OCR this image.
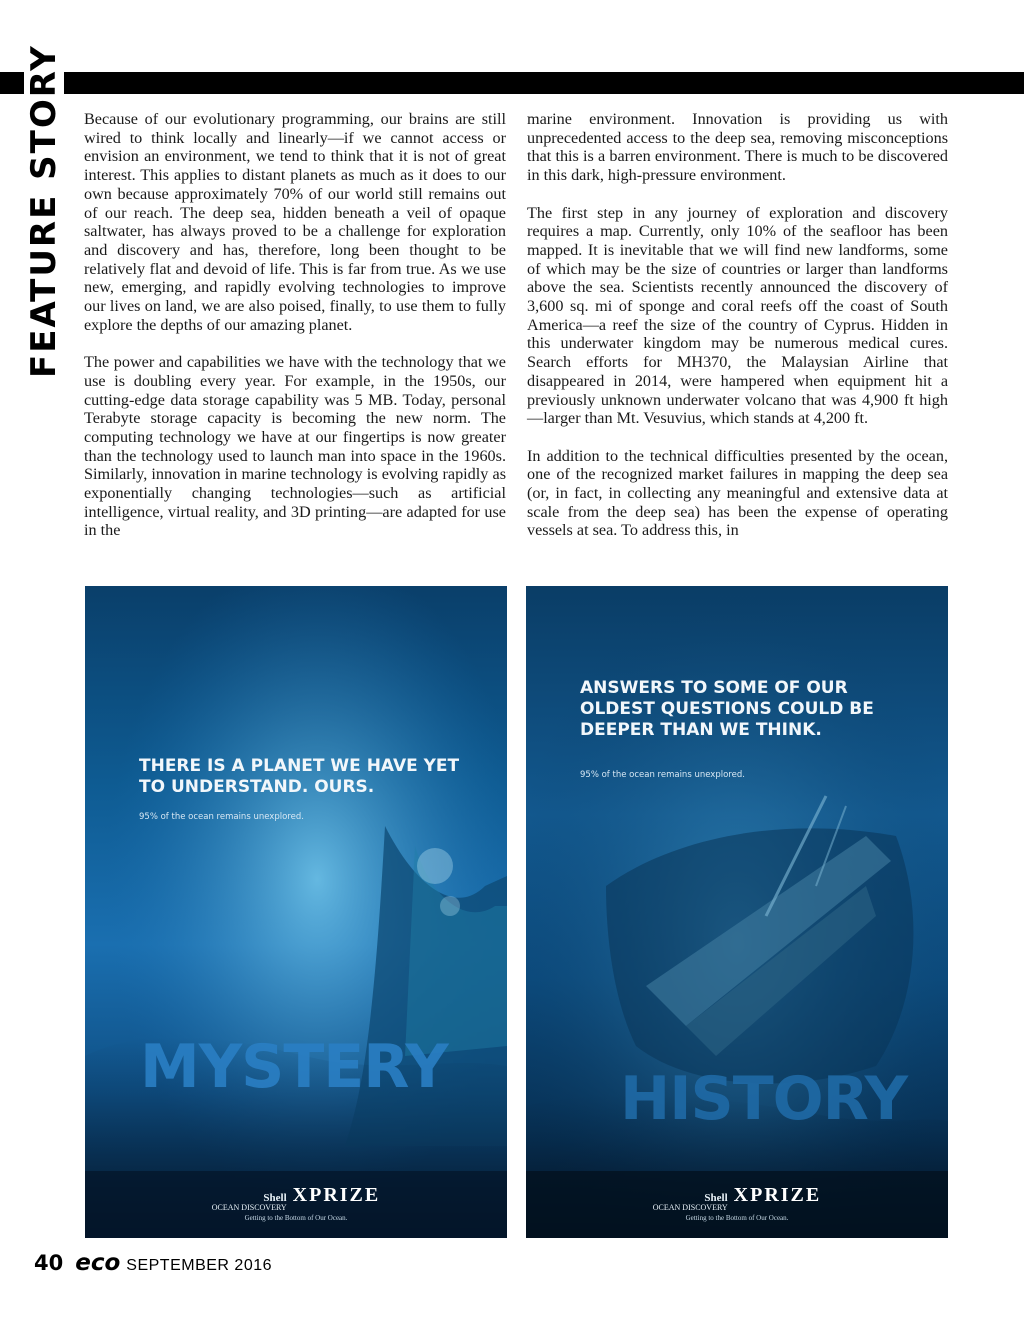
FEATURE STORY Because of our evolutionary programming, our brains are still wired to think locally and linearly—if we cannot access or envision an environment, we tend to think that it is not of great interest. This applies to distant planets as much as it does to our own because approximately 70% of our world still remains out of our reach. The deep sea, hidden beneath a veil of opaque saltwater, has always proved to be a challenge for exploration and discovery and has, therefore, long been thought to be relatively flat and devoid of life. This is far from true. As we use new, emerging, and rapidly evolving technologies to improve our lives on land, we are also poised, finally, to use them to fully explore the depths of our amazing planet.

The power and capabilities we have with the technology that we use is doubling every year. For example, in the 1950s, our cutting-edge data storage capability was 5 MB. Today, personal Terabyte storage capacity is becoming the new norm. The computing technology we have at our fingertips is now greater than the technology used to launch man into space in the 1960s. Similarly, innovation in marine technology is evolving rapidly as exponentially changing technologies—such as artificial intelligence, virtual reality, and 3D printing—are adapted for use in the

marine environment. Innovation is providing us with unprecedented access to the deep sea, removing misconceptions that this is a barren environment. There is much to be discovered in this dark, high-pressure environment.

The first step in any journey of exploration and discovery requires a map. Currently, only 10% of the seafloor has been mapped. It is inevitable that we will find new landforms, some of which may be the size of countries or larger than landforms above the sea. Scientists recently announced the discovery of 3,600 sq. mi of sponge and coral reefs off the coast of South America—a reef the size of the country of Cyprus. Hidden in this underwater kingdom may be numerous medical cures. Search efforts for MH370, the Malaysian Airline that disappeared in 2014, were hampered when equipment hit a previously unknown underwater volcano that was 4,900 ft high—larger than Mt. Vesuvius, which stands at 4,200 ft.

In addition to the technical difficulties presented by the ocean, one of the recognized market failures in mapping the deep sea (or, in fact, in collecting any meaningful and extensive data at scale from the deep sea) has been the expense of operating vessels at sea. To address this, in

THERE IS A PLANET WE HAVE YET TO UNDERSTAND. OURS.
95% of the ocean remains unexplored.
Shell
OCEAN DISCOVERY
XPRIZE
Getting to the Bottom of Our Ocean.
ANSWERS TO SOME OF OUR OLDEST QUESTIONS COULD BE DEEPER THAN WE THINK.
95% of the ocean remains unexplored.
Shell
OCEAN DISCOVERY
XPRIZE
Getting to the Bottom of Our Ocean.
MYSTERY	HISTORY
40 eco SEPTEMBER 2016
